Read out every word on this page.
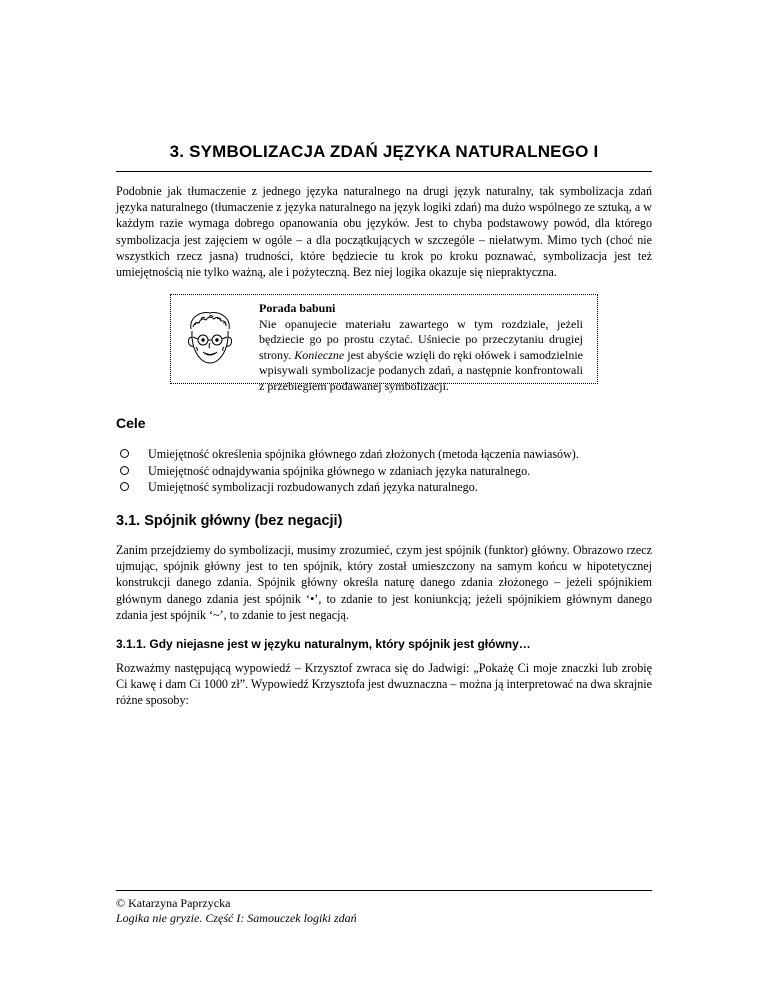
3. SYMBOLIZACJA ZDAŃ JĘZYKA NATURALNEGO I

Podobnie jak tłumaczenie z jednego języka naturalnego na drugi język naturalny, tak symbolizacja zdań języka naturalnego (tłumaczenie z języka naturalnego na język logiki zdań) ma dużo wspólnego ze sztuką, a w każdym razie wymaga dobrego opanowania obu języków. Jest to chyba podstawowy powód, dla którego symbolizacja jest zajęciem w ogóle – a dla początkujących w szczególe – niełatwym. Mimo tych (choć nie wszystkich rzecz jasna) trudności, które będziecie tu krok po kroku poznawać, symbolizacja jest też umiejętnością nie tylko ważną, ale i pożyteczną. Bez niej logika okazuje się niepraktyczna.

Porada babuni
Nie opanujecie materiału zawartego w tym rozdziale, jeżeli będziecie go po prostu czytać. Uśniecie po przeczytaniu drugiej strony. Konieczne jest abyście wzięli do ręki ołówek i samodzielnie wpisywali symbolizacje podanych zdań, a następnie konfrontowali z przebiegiem podawanej symbolizacji.
Cele
Umiejętność określenia spójnika głównego zdań złożonych (metoda łączenia nawiasów).
Umiejętność odnajdywania spójnika głównego w zdaniach języka naturalnego.
Umiejętność symbolizacji rozbudowanych zdań języka naturalnego.
3.1. Spójnik główny (bez negacji)

Zanim przejdziemy do symbolizacji, musimy zrozumieć, czym jest spójnik (funktor) główny. Obrazowo rzecz ujmując, spójnik główny jest to ten spójnik, który został umieszczony na samym końcu w hipotetycznej konstrukcji danego zdania. Spójnik główny określa naturę danego zdania złożonego – jeżeli spójnikiem głównym danego zdania jest spójnik ‘•’, to zdanie to jest koniunkcją; jeżeli spójnikiem głównym danego zdania jest spójnik ‘~’, to zdanie to jest negacją.

3.1.1. Gdy niejasne jest w języku naturalnym, który spójnik jest główny…

Rozważmy następującą wypowiedź – Krzysztof zwraca się do Jadwigi: „Pokażę Ci moje znaczki lub zrobię Ci kawę i dam Ci 1000 zł”. Wypowiedź Krzysztofa jest dwuznaczna – można ją interpretować na dwa skrajnie różne sposoby:

© Katarzyna Paprzycka
Logika nie gryzie. Część I: Samouczek logiki zdań
